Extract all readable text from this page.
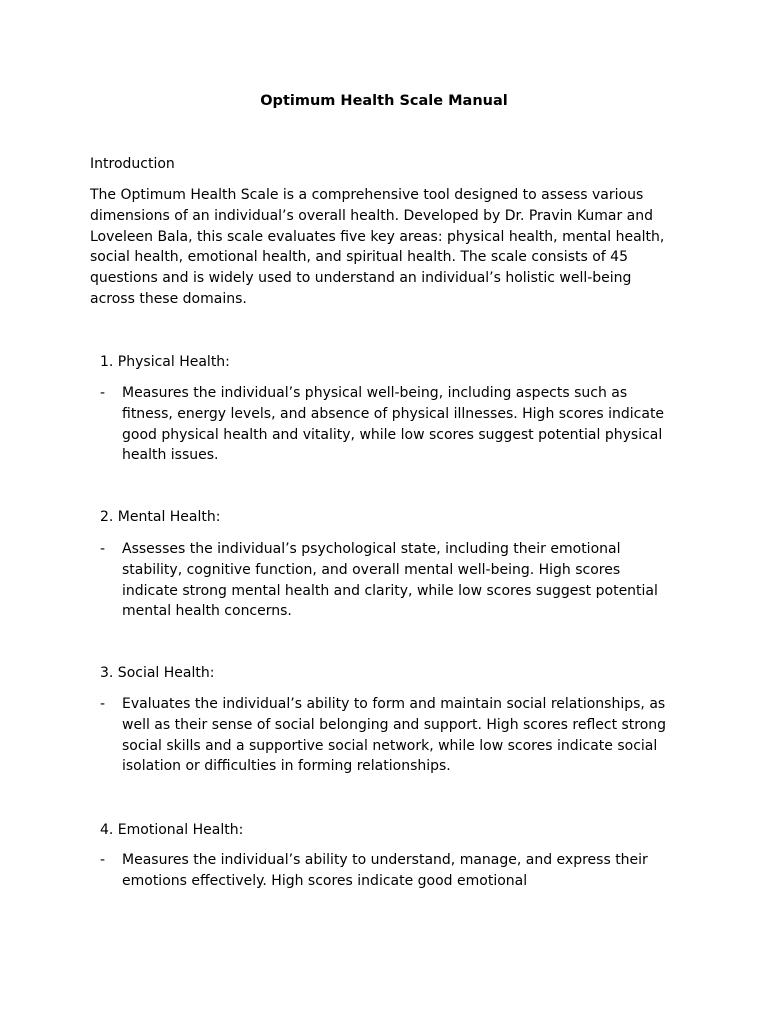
Optimum Health Scale Manual
Introduction

The Optimum Health Scale is a comprehensive tool designed to assess various dimensions of an individual’s overall health. Developed by Dr. Pravin Kumar and Loveleen Bala, this scale evaluates five key areas: physical health, mental health, social health, emotional health, and spiritual health. The scale consists of 45 questions and is widely used to understand an individual’s holistic well-being across these domains.

1. Physical Health:
- Measures the individual’s physical well-being, including aspects such as fitness, energy levels, and absence of physical illnesses. High scores indicate good physical health and vitality, while low scores suggest potential physical health issues.
2. Mental Health:
- Assesses the individual’s psychological state, including their emotional stability, cognitive function, and overall mental well-being. High scores indicate strong mental health and clarity, while low scores suggest potential mental health concerns.
3. Social Health:
- Evaluates the individual’s ability to form and maintain social relationships, as well as their sense of social belonging and support. High scores reflect strong social skills and a supportive social network, while low scores indicate social isolation or difficulties in forming relationships.
4. Emotional Health:
- Measures the individual’s ability to understand, manage, and express their emotions effectively. High scores indicate good emotional
